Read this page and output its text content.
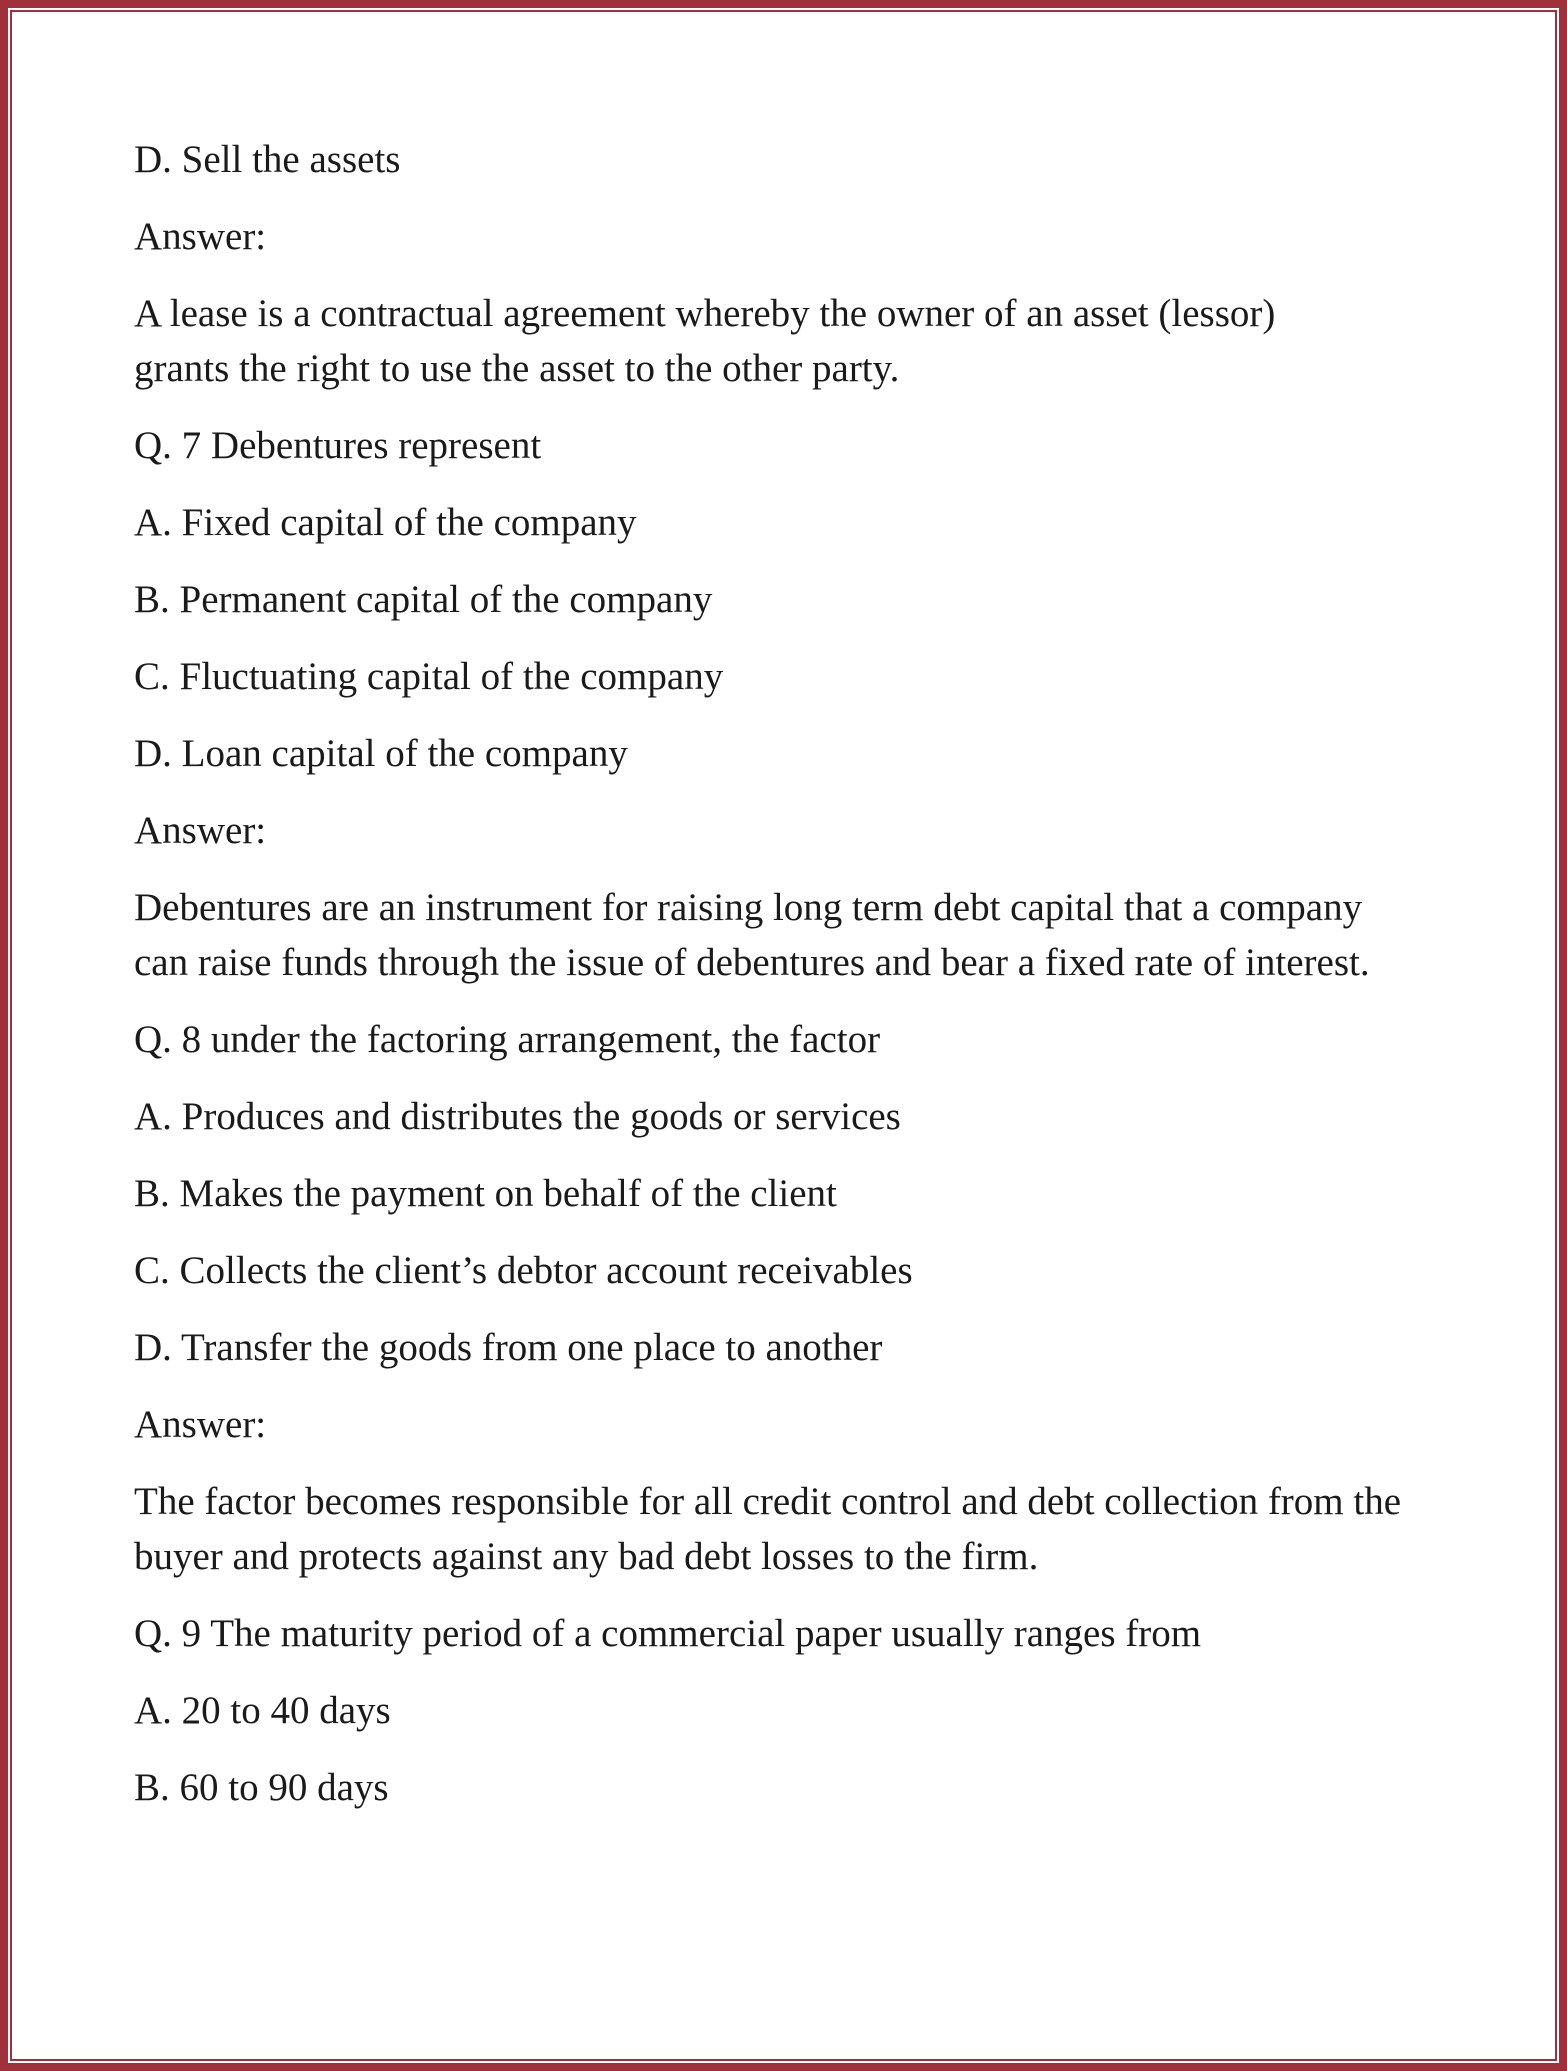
D. Sell the assets

Answer:

A lease is a contractual agreement whereby the owner of an asset (lessor) grants the right to use the asset to the other party.

Q. 7 Debentures represent

A. Fixed capital of the company

B. Permanent capital of the company

C. Fluctuating capital of the company

D. Loan capital of the company

Answer:

Debentures are an instrument for raising long term debt capital that a company can raise funds through the issue of debentures and bear a fixed rate of interest.

Q. 8 under the factoring arrangement, the factor

A. Produces and distributes the goods or services

B. Makes the payment on behalf of the client

C. Collects the client’s debtor account receivables

D. Transfer the goods from one place to another

Answer:

The factor becomes responsible for all credit control and debt collection from the buyer and protects against any bad debt losses to the firm.

Q. 9 The maturity period of a commercial paper usually ranges from

A. 20 to 40 days

B. 60 to 90 days
